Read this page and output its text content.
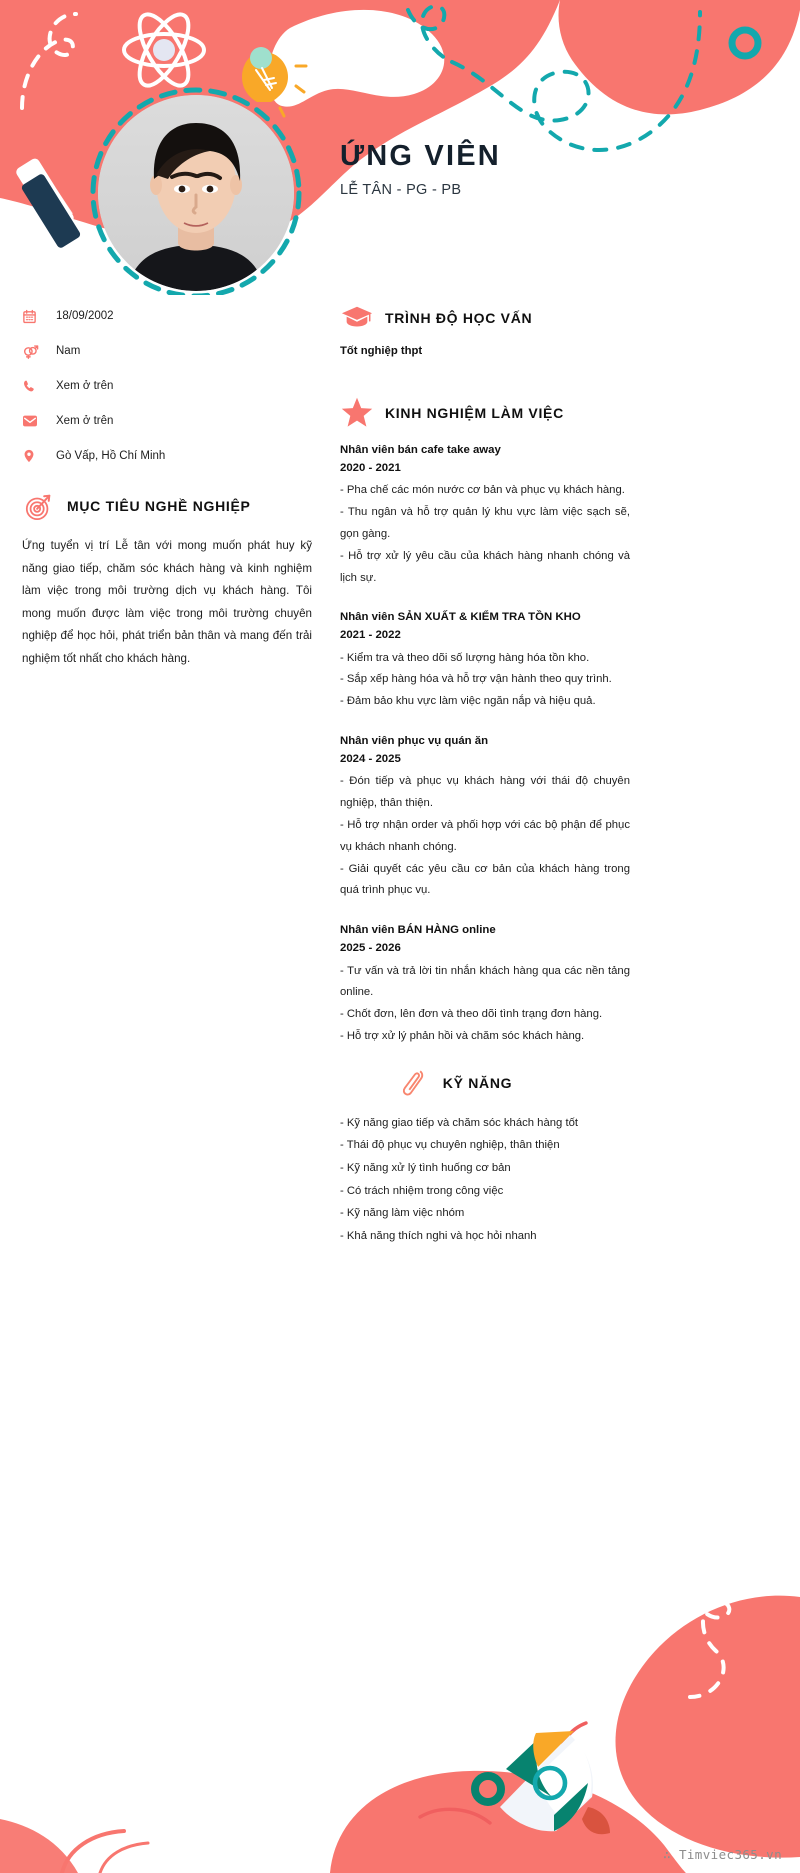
ỨNG VIÊN
LỄ TÂN - PG - PB
18/09/2002
Nam
Xem ở trên
Xem ở trên
Gò Vấp, Hồ Chí Minh
MỤC TIÊU NGHỀ NGHIỆP
Ứng tuyển vị trí Lễ tân với mong muốn phát huy kỹ năng giao tiếp, chăm sóc khách hàng và kinh nghiệm làm việc trong môi trường dịch vụ khách hàng. Tôi mong muốn được làm việc trong môi trường chuyên nghiệp để học hỏi, phát triển bản thân và mang đến trải nghiệm tốt nhất cho khách hàng.
TRÌNH ĐỘ HỌC VẤN
Tốt nghiệp thpt
KINH NGHIỆM LÀM VIỆC
Nhân viên bán cafe take away
2020 - 2021
- Pha chế các món nước cơ bản và phục vụ khách hàng.
- Thu ngân và hỗ trợ quản lý khu vực làm việc sạch sẽ, gọn gàng.
- Hỗ trợ xử lý yêu cầu của khách hàng nhanh chóng và lịch sự.
Nhân viên SẢN XUẤT & KIỂM TRA TỒN KHO
2021 - 2022
- Kiểm tra và theo dõi số lượng hàng hóa tồn kho.
- Sắp xếp hàng hóa và hỗ trợ vận hành theo quy trình.
- Đảm bảo khu vực làm việc ngăn nắp và hiệu quả.
Nhân viên phục vụ quán ăn
2024 - 2025
- Đón tiếp và phục vụ khách hàng với thái độ chuyên nghiệp, thân thiện.
- Hỗ trợ nhận order và phối hợp với các bộ phận để phục vụ khách nhanh chóng.
- Giải quyết các yêu cầu cơ bản của khách hàng trong quá trình phục vụ.
Nhân viên BÁN HÀNG online
2025 - 2026
- Tư vấn và trả lời tin nhắn khách hàng qua các nền tảng online.
- Chốt đơn, lên đơn và theo dõi tình trạng đơn hàng.
- Hỗ trợ xử lý phản hồi và chăm sóc khách hàng.
KỸ NĂNG
- Kỹ năng giao tiếp và chăm sóc khách hàng tốt
- Thái độ phục vụ chuyên nghiệp, thân thiện
- Kỹ năng xử lý tình huống cơ bản
- Có trách nhiệm trong công việc
- Kỹ năng làm việc nhóm
- Khả năng thích nghi và học hỏi nhanh
∴ Timviec365.vn
